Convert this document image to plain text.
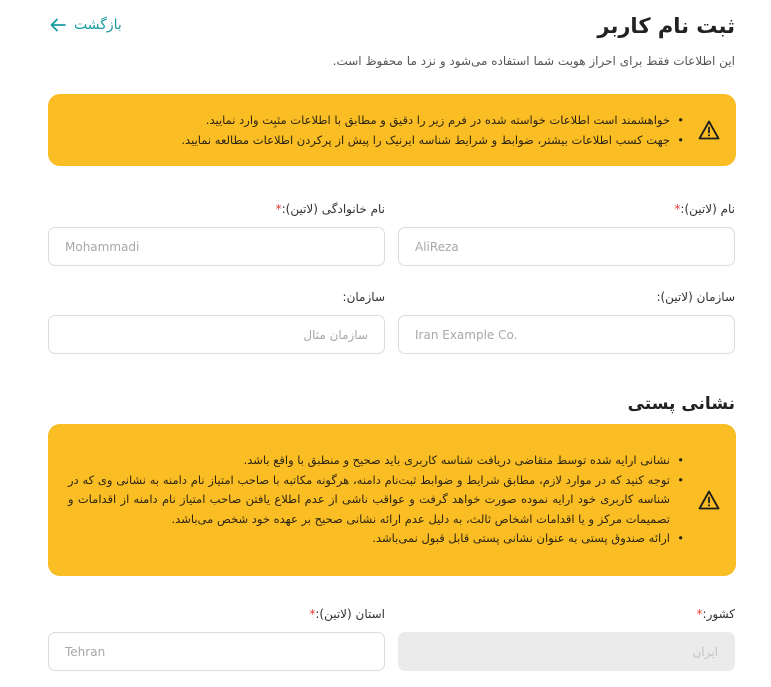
ثبت نام کاربر
بازگشت
این اطلاعات فقط برای احراز هویت شما استفاده می‌شود و نزد ما محفوظ است.
• خواهشمند است اطلاعات خواسته شده در فرم زیر را دقیق و مطابق با اطلاعات مثبِت وارد نمایید.
• جهت کسب اطلاعات بیشتر، ضوابط و شرایط شناسه ایرنیک را پیش از پرکردن اطلاعات مطالعه نمایید.
نام (لاتین):*
AliReza
نام خانوادگی (لاتین):*
Mohammadi
سازمان (لاتین):
Iran Example Co.
سازمان:
سازمان مثال
نشانی پستی
• نشانی ارایه شده توسط متقاضی دریافت شناسه کاربری باید صحیح و منطبق با واقع باشد.
• توجه کنید که در موارد لازم، مطابق شرایط و ضوابط ثبت‌نام دامنه، هرگونه مکاتبه با صاحب امتیاز نام دامنه به نشانی وی که در شناسه کاربری خود ارایه نموده صورت خواهد گرفت و عواقب ناشی از عدم اطلاع یافتن صاحب امتیاز نام دامنه از اقدامات و تصمیمات مرکز و یا اقدامات اشخاص ثالث، به دلیل عدم ارائه نشانی صحیح بر عهده خود شخص می‌باشد.
• ارائه صندوق پستی به عنوان نشانی پستی قابل قبول نمی‌باشد.
کشور:*
ایران
استان (لاتین):*
Tehran
